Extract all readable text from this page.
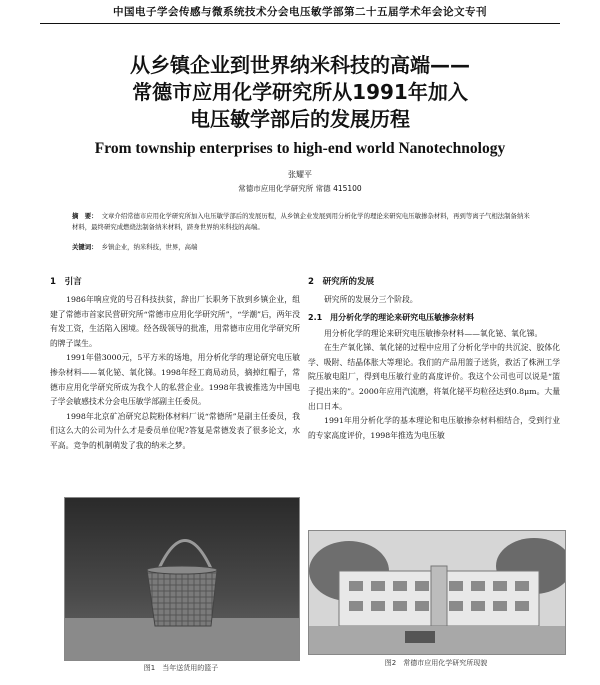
中国电子学会传感与微系统技术分会电压敏学部第二十五届学术年会论文专刊
从乡镇企业到世界纳米科技的高端——
常德市应用化学研究所从1991年加入
电压敏学部后的发展历程
From township enterprises to high-end world Nanotechnology
张耀平
常德市应用化学研究所 常德 415100
摘　要： 文章介绍常德市应用化学研究所加入电压敏学部后的发展历程，从乡镇企业发展到用分析化学的理论来研究电压敏掺杂材料，再到等离子气相法制备纳米材料，最终研究成燃烧法制备纳米材料，跻身世界纳米科技的高端。
关键词： 乡镇企业，纳米科技，世界，高端
1　引言

1986年响应党的号召科技扶贫，辞出厂长职务下放到乡镇企业，组建了常德市首家民营研究所“常德市应用化学研究所”，“学潮”后，两年没有发工资，生活陷入困境。经各级领导的批准，用常德市应用化学研究所的牌子谋生。

1991年借3000元，5平方米的场地，用分析化学的理论研究电压敏掺杂材料——氧化铋、氧化锑。1998年经工商局动员，摘掉红帽子，常德市应用化学研究所成为我个人的私营企业。1998年我被推选为中国电子学会敏感技术分会电压敏学部副主任委员。

1998年北京矿冶研究总院粉体材料厂说“常德所”是副主任委员，我们这么大的公司为什么才是委员单位呢?答复是常德发表了很多论文，水平高。竞争的机制萌发了我的纳米之梦。

2　研究所的发展

研究所的发展分三个阶段。

2.1　用分析化学的理论来研究电压敏掺杂材料

用分析化学的理论来研究电压敏掺杂材料——氧化铋、氧化锑。

在生产氧化锑、氧化铋的过程中应用了分析化学中的共沉淀、胶体化学、吸附、结晶体胀大等理论。我们的产品用篮子送货，救活了株洲工学院压敏电阻厂，得到电压敏行业的高度评价。我这个公司也可以说是“篮子提出来的”。2000年应用汽流磨，将氧化铋平均粒径达到0.8μm。大量出口日本。

1991年用分析化学的基本理论和电压敏掺杂材料相结合，受到行业的专家高度评价，1998年推选为电压敏

图1　当年送货用的篮子
图2　常德市应用化学研究所现貌
